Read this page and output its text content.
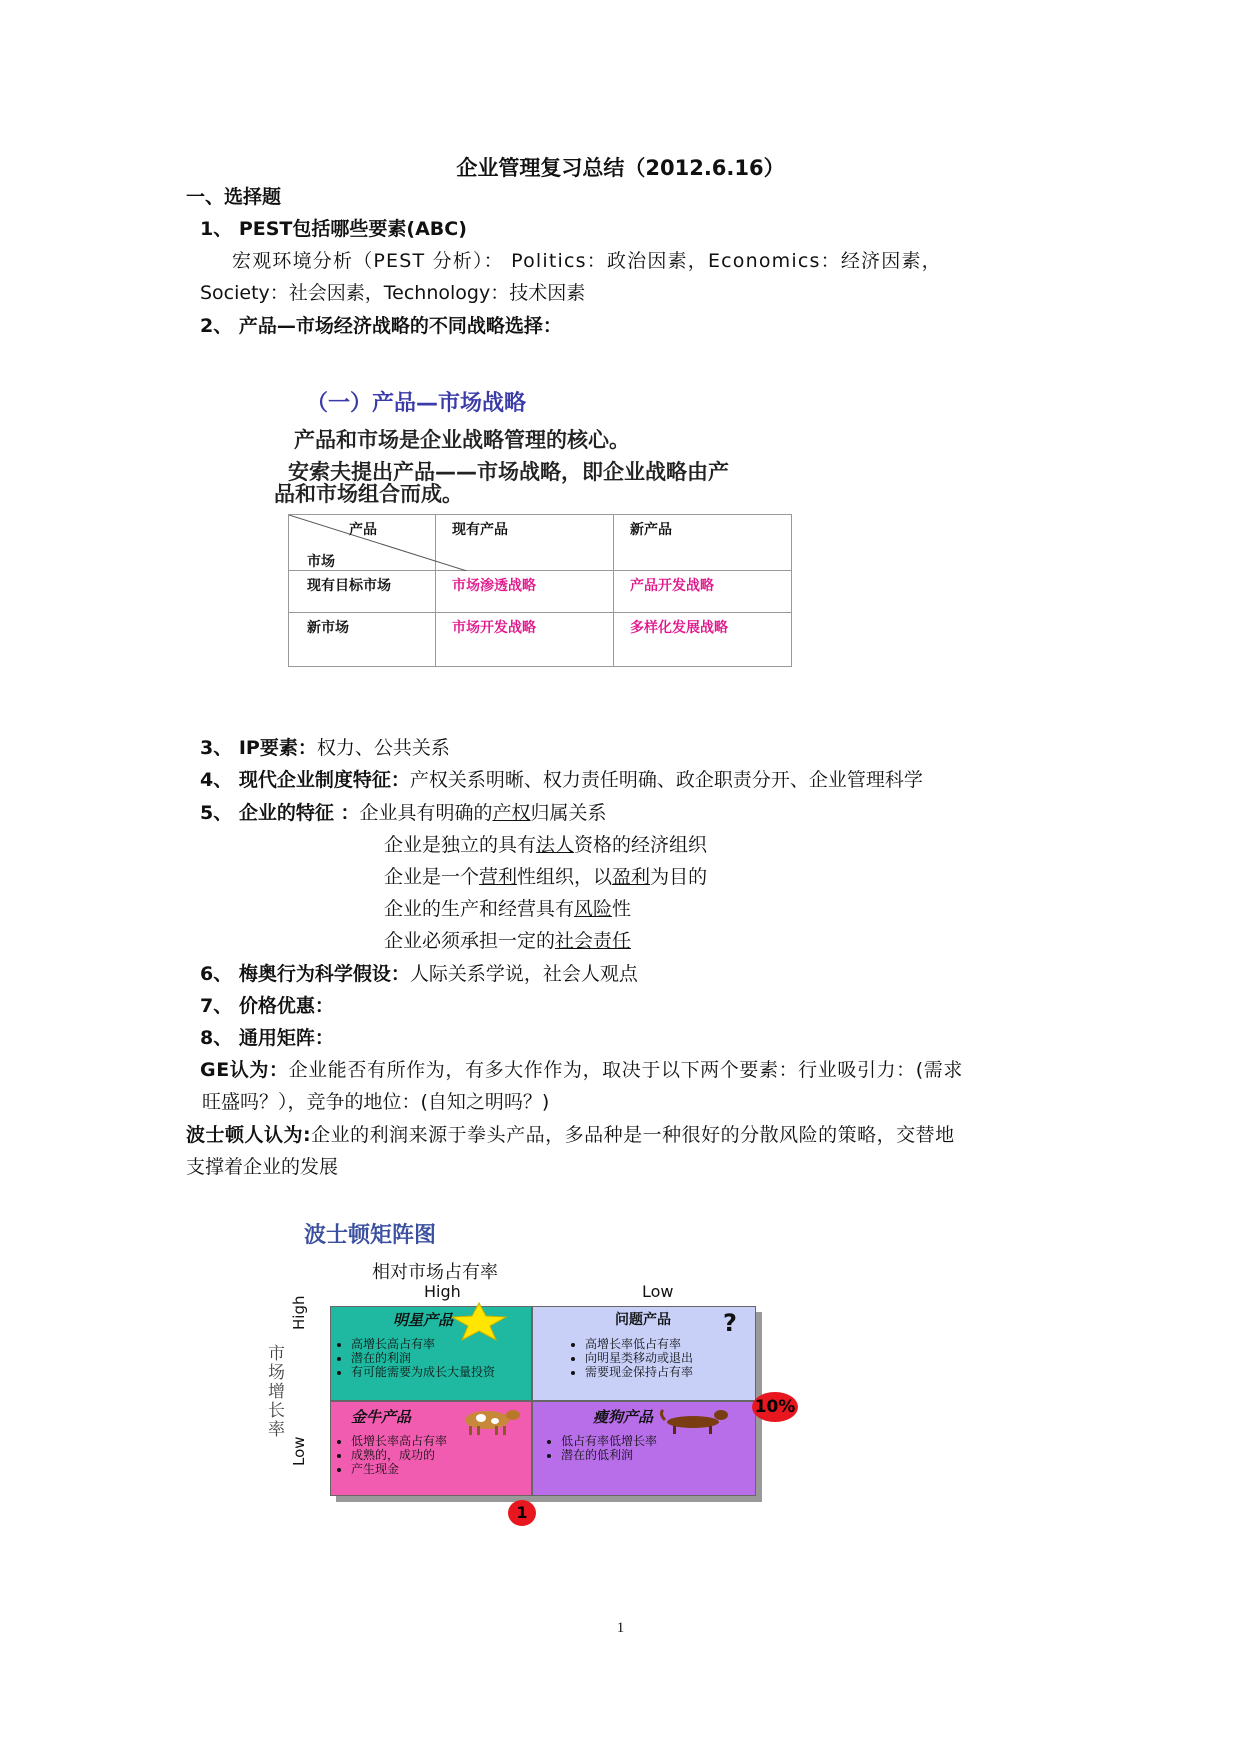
企业管理复习总结（2012.6.16）
一、选择题
1、 PEST包括哪些要素(ABC)
宏观环境分析（PEST 分析）： Politics：政治因素，Economics：经济因素，
Society：社会因素，Technology：技术因素
2、 产品—市场经济战略的不同战略选择：
（一）产品—市场战略
产品和市场是企业战略管理的核心。
安索夫提出产品——市场战略，即企业战略由产
品和市场组合而成。
产品
市场	现有产品	新产品
现有目标市场	市场渗透战略	产品开发战略
新市场	市场开发战略	多样化发展战略
3、 IP要素：权力、公共关系
4、 现代企业制度特征：产权关系明晰、权力责任明确、政企职责分开、企业管理科学
5、 企业的特征 ：企业具有明确的产权归属关系
企业是独立的具有法人资格的经济组织
企业是一个营利性组织，以盈利为目的
企业的生产和经营具有风险性
企业必须承担一定的社会责任
6、 梅奥行为科学假设：人际关系学说，社会人观点
7、 价格优惠：
8、 通用矩阵：
GE认为：企业能否有所作为，有多大作作为，取决于以下两个要素：行业吸引力：(需求
旺盛吗？），竞争的地位：(自知之明吗？)
波士顿人认为:企业的利润来源于拳头产品，多品种是一种很好的分散风险的策略，交替地
支撑着企业的发展
波士顿矩阵图
相对市场占有率
High	Low
市场增长率
High
Low
明星产品
• 高增长高占有率
• 潜在的利润
• 有可能需要为成长大量投资
问题产品 ?
• 高增长率低占有率
• 向明星类移动或退出
• 需要现金保持占有率
金牛产品
• 低增长率高占有率
• 成熟的，成功的
• 产生现金
瘦狗产品
• 低占有率低增长率
• 潜在的低利润
10%
1
1
